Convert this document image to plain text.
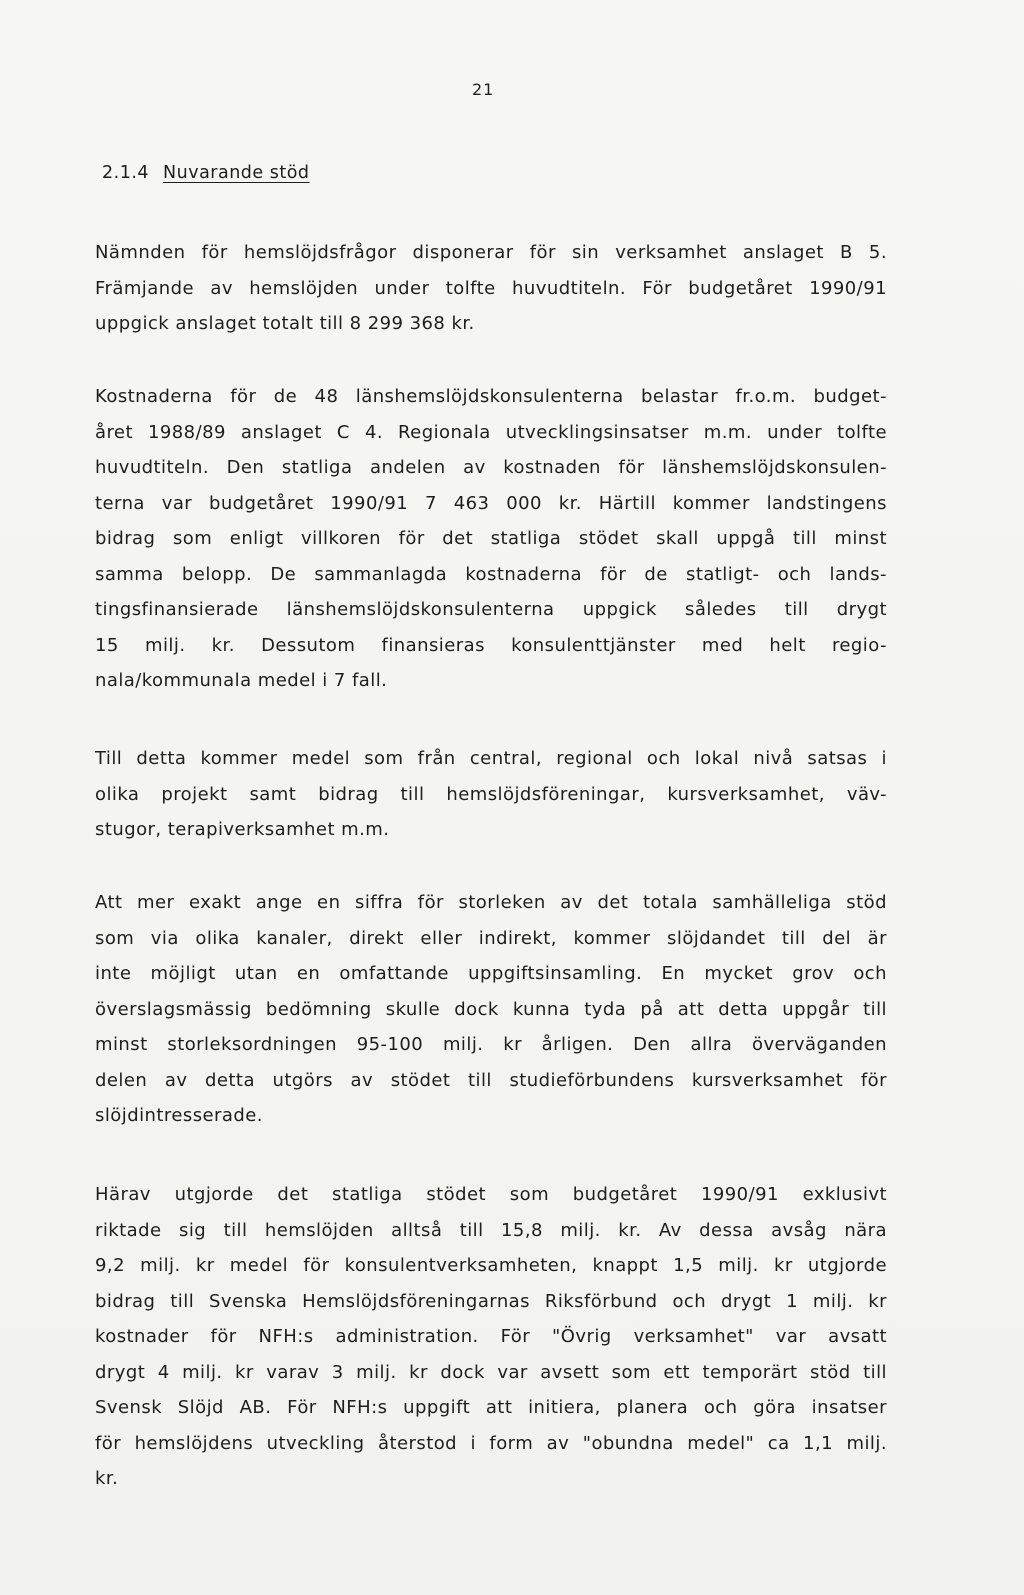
21
2.1.4 Nuvarande stöd
Nämnden för hemslöjdsfrågor disponerar för sin verksamhet anslaget B 5.
Främjande av hemslöjden under tolfte huvudtiteln. För budgetåret 1990/91
uppgick anslaget totalt till 8 299 368 kr.
Kostnaderna för de 48 länshemslöjdskonsulenterna belastar fr.o.m. budget-
året 1988/89 anslaget C 4. Regionala utvecklingsinsatser m.m. under tolfte
huvudtiteln. Den statliga andelen av kostnaden för länshemslöjdskonsulen-
terna var budgetåret 1990/91 7 463 000 kr. Härtill kommer landstingens
bidrag som enligt villkoren för det statliga stödet skall uppgå till minst
samma belopp. De sammanlagda kostnaderna för de statligt- och lands-
tingsfinansierade länshemslöjdskonsulenterna uppgick således till drygt
15 milj. kr. Dessutom finansieras konsulenttjänster med helt regio-
nala/kommunala medel i 7 fall.
Till detta kommer medel som från central, regional och lokal nivå satsas i
olika projekt samt bidrag till hemslöjdsföreningar, kursverksamhet, väv-
stugor, terapiverksamhet m.m.
Att mer exakt ange en siffra för storleken av det totala samhälleliga stöd
som via olika kanaler, direkt eller indirekt, kommer slöjdandet till del är
inte möjligt utan en omfattande uppgiftsinsamling. En mycket grov och
överslagsmässig bedömning skulle dock kunna tyda på att detta uppgår till
minst storleksordningen 95-100 milj. kr årligen. Den allra överväganden
delen av detta utgörs av stödet till studieförbundens kursverksamhet för
slöjdintresserade.
Härav utgjorde det statliga stödet som budgetåret 1990/91 exklusivt
riktade sig till hemslöjden alltså till 15,8 milj. kr. Av dessa avsåg nära
9,2 milj. kr medel för konsulentverksamheten, knappt 1,5 milj. kr utgjorde
bidrag till Svenska Hemslöjdsföreningarnas Riksförbund och drygt 1 milj. kr
kostnader för NFH:s administration. För "Övrig verksamhet" var avsatt
drygt 4 milj. kr varav 3 milj. kr dock var avsett som ett temporärt stöd till
Svensk Slöjd AB. För NFH:s uppgift att initiera, planera och göra insatser
för hemslöjdens utveckling återstod i form av "obundna medel" ca 1,1 milj.
kr.
